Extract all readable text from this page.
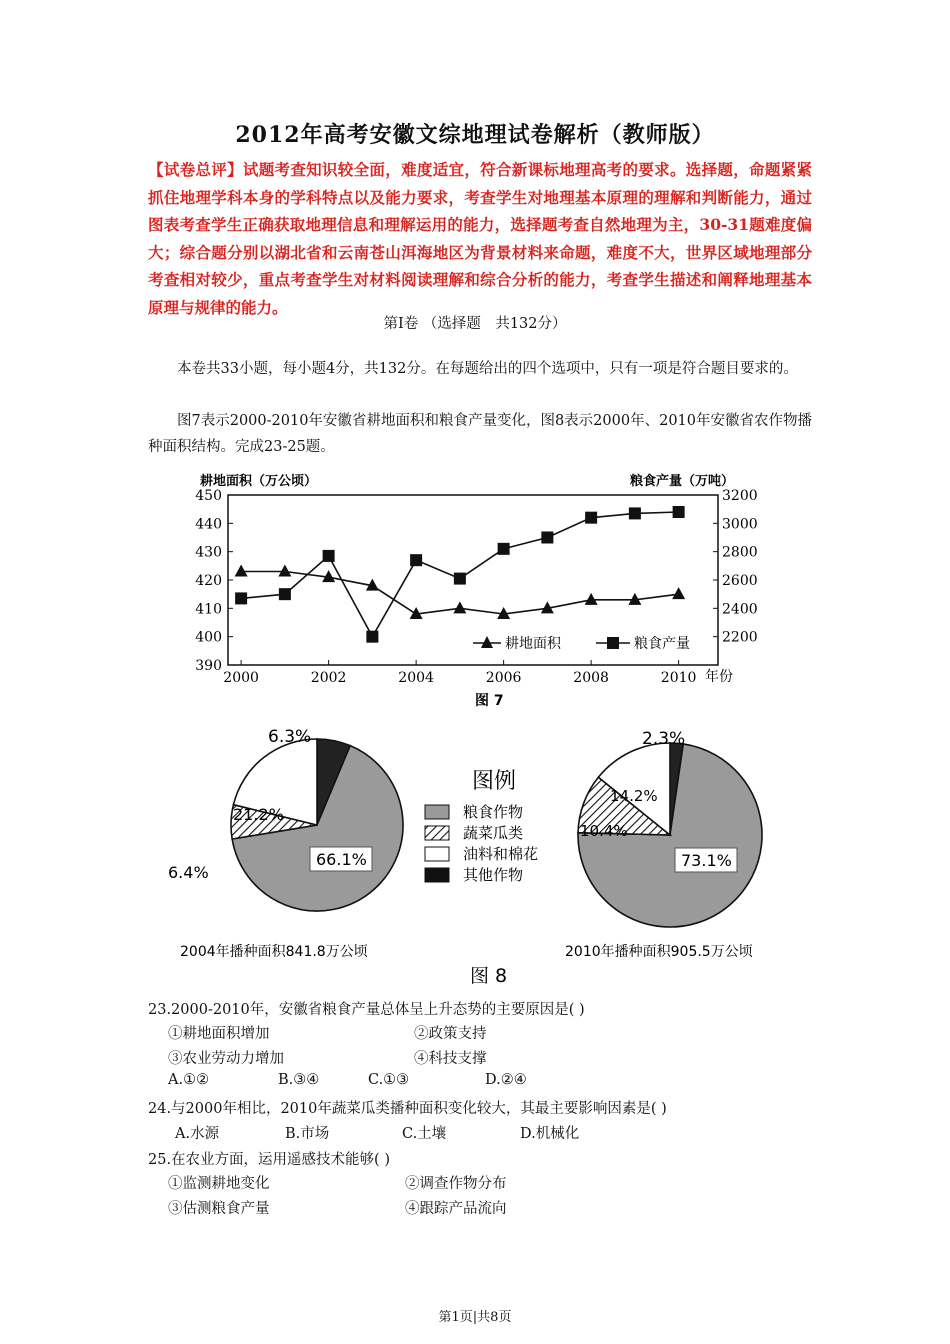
2012年高考安徽文综地理试卷解析（教师版）
【试卷总评】试题考查知识较全面，难度适宜，符合新课标地理高考的要求。选择题，命题紧紧抓住地理学科本身的学科特点以及能力要求，考查学生对地理基本原理的理解和判断能力，通过图表考查学生正确获取地理信息和理解运用的能力，选择题考查自然地理为主，30-31题难度偏大；综合题分别以湖北省和云南苍山洱海地区为背景材料来命题，难度不大，世界区域地理部分考查相对较少，重点考查学生对材料阅读理解和综合分析的能力，考查学生描述和阐释地理基本原理与规律的能力。
第Ⅰ卷 （选择题　共132分）
本卷共33小题，每小题4分，共132分。在每题给出的四个选项中，只有一项是符合题目要求的。
图7表示2000-2010年安徽省耕地面积和粮食产量变化，图8表示2000年、2010年安徽省农作物播种面积结构。完成23-25题。
耕地面积（万公顷）	粮食产量（万吨）
450
440
430
420
410
400
390
3200
3000
2800
2600
2400
2200
2000	2002	2004	2006	2008	2010 年份
耕地面积	粮食产量
图 7
6.3%
21.2%
6.4%
66.1%
2004年播种面积841.8万公顷
2.3%
14.2%
10.4%
73.1%
2010年播种面积905.5万公顷
图例
粮食作物
蔬菜瓜类
油料和棉花
其他作物
图 8
23.2000-2010年，安徽省粮食产量总体呈上升态势的主要原因是( )
①耕地面积增加	②政策支持
③农业劳动力增加	④科技支撑
A.①②	B.③④	C.①③	D.②④
24.与2000年相比，2010年蔬菜瓜类播种面积变化较大，其最主要影响因素是( )
A.水源	B.市场	C.土壤	D.机械化
25.在农业方面，运用遥感技术能够( )
①监测耕地变化	②调查作物分布
③估测粮食产量	④跟踪产品流向
第1页|共8页
